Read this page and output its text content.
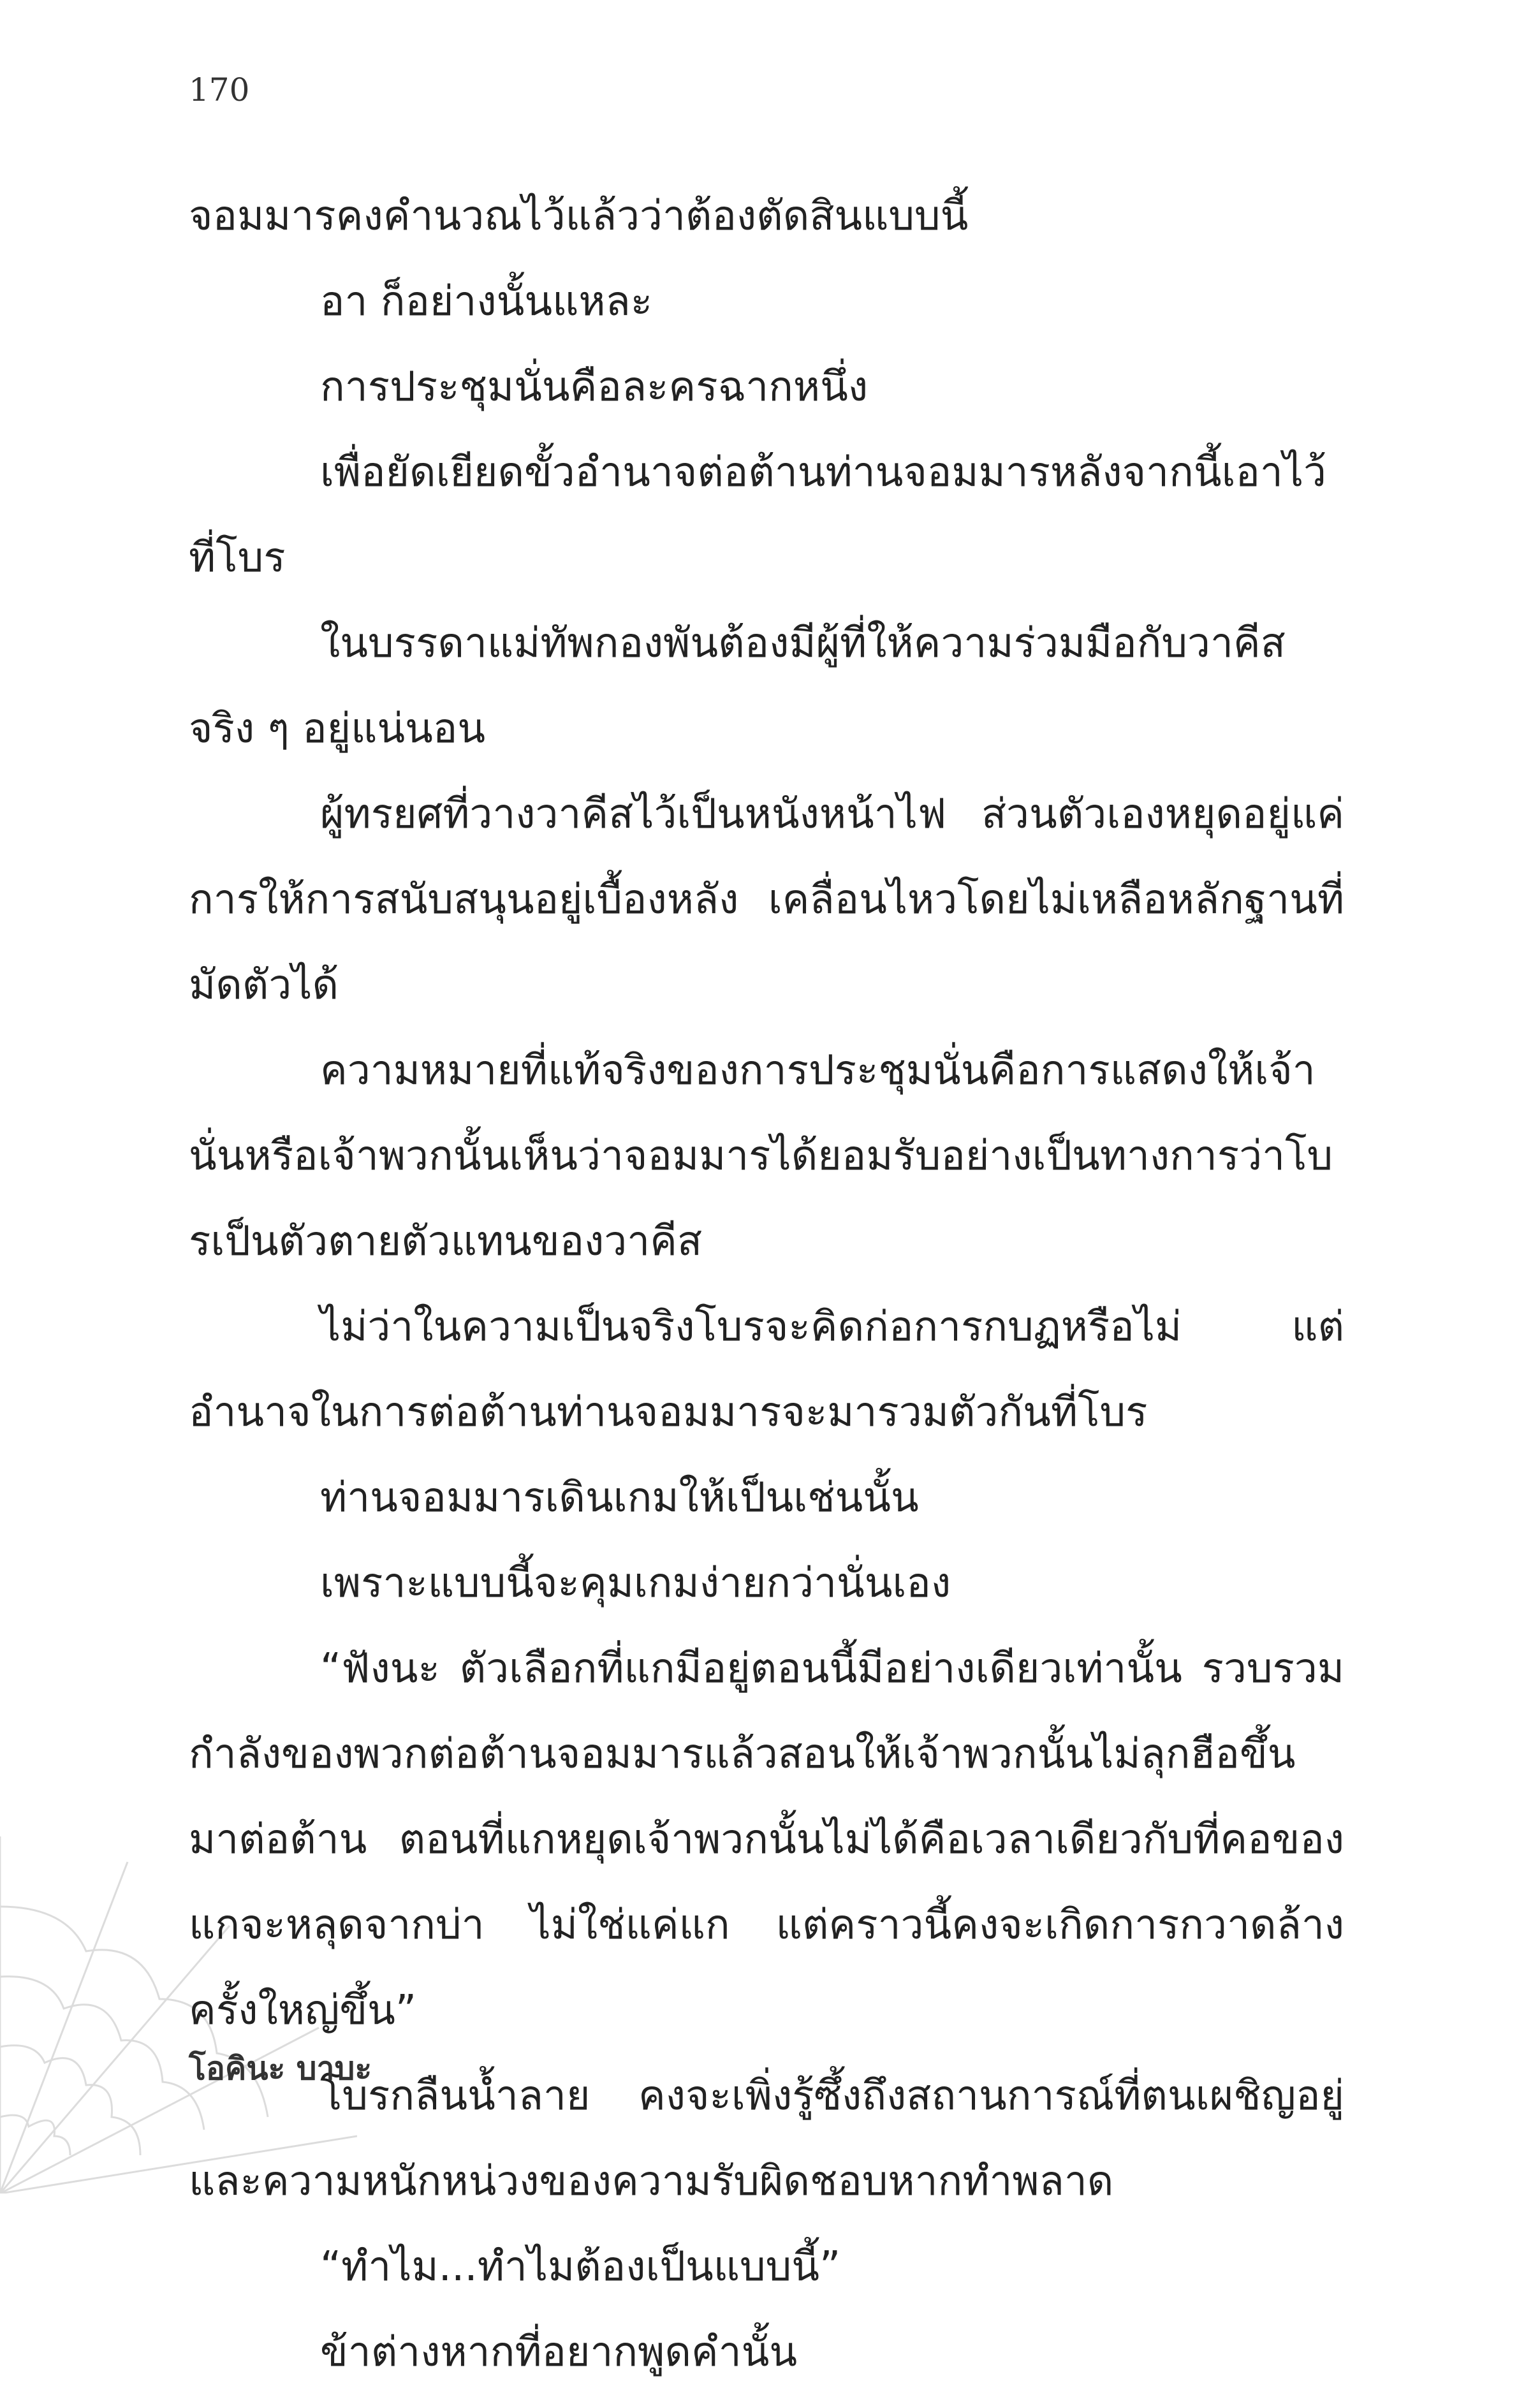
170

จอมมารคงคำนวณไว้แล้วว่าต้องตัดสินแบบนี้

อา ก็อย่างนั้นแหละ

การประชุมนั่นคือละครฉากหนึ่ง

เพื่อยัดเยียดขั้วอำนาจต่อต้านท่านจอมมารหลังจากนี้เอาไว้ที่โบร

ในบรรดาแม่ทัพกองพันต้องมีผู้ที่ให้ความร่วมมือกับวาคีสจริง ๆ อยู่แน่นอน

ผู้ทรยศที่วางวาคีสไว้เป็นหนังหน้าไฟ ส่วนตัวเองหยุดอยู่แค่การให้การสนับสนุนอยู่เบื้องหลัง เคลื่อนไหวโดยไม่เหลือหลักฐานที่มัดตัวได้

ความหมายที่แท้จริงของการประชุมนั่นคือการแสดงให้เจ้านั่นหรือเจ้าพวกนั้นเห็นว่าจอมมารได้ยอมรับอย่างเป็นทางการว่าโบรเป็นตัวตายตัวแทนของวาคีส

ไม่ว่าในความเป็นจริงโบรจะคิดก่อการกบฏหรือไม่ แต่อำนาจในการต่อต้านท่านจอมมารจะมารวมตัวกันที่โบร

ท่านจอมมารเดินเกมให้เป็นเช่นนั้น

เพราะแบบนี้จะคุมเกมง่ายกว่านั่นเอง

“ฟังนะ ตัวเลือกที่แกมีอยู่ตอนนี้มีอย่างเดียวเท่านั้น รวบรวมกำลังของพวกต่อต้านจอมมารแล้วสอนให้เจ้าพวกนั้นไม่ลุกฮือขึ้นมาต่อต้าน ตอนที่แกหยุดเจ้าพวกนั้นไม่ได้คือเวลาเดียวกับที่คอของแกจะหลุดจากบ่า ไม่ใช่แค่แก แต่คราวนี้คงจะเกิดการกวาดล้างครั้งใหญ่ขึ้น”

โบรกลืนน้ำลาย คงจะเพิ่งรู้ซึ้งถึงสถานการณ์ที่ตนเผชิญอยู่และความหนักหน่วงของความรับผิดชอบหากทำพลาด

“ทำไม...ทำไมต้องเป็นแบบนี้”

ข้าต่างหากที่อยากพูดคำนั้น

โอคินะ บาบะ
